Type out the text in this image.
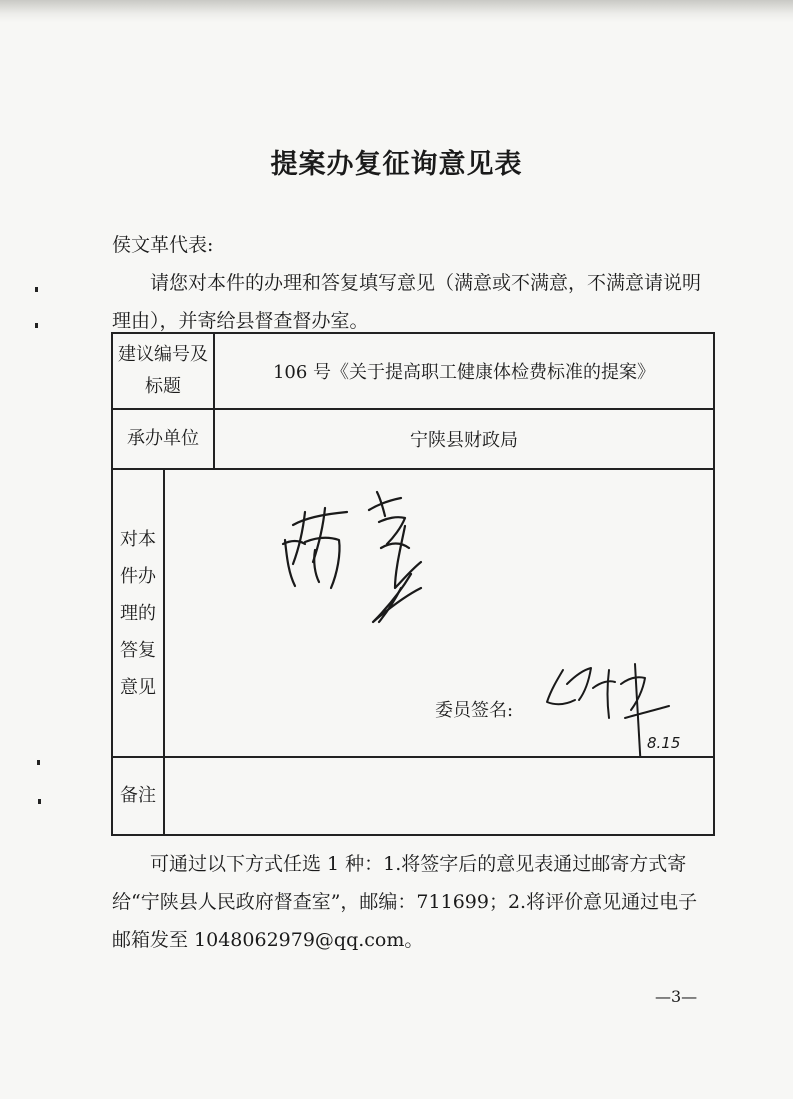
提案办复征询意见表
侯文革代表:
请您对本件的办理和答复填写意见（满意或不满意，不满意请说明理由），并寄给县督查督办室。
建议编号及标题		106 号《关于提高职工健康体检费标准的提案》
承办单位		宁陕县财政局
对本件办理的答复意见	委员签名:
8.15	

备注		
可通过以下方式任选 1 种：1.将签字后的意见表通过邮寄方式寄给“宁陕县人民政府督查室”，邮编：711699；2.将评价意见通过电子邮箱发至 1048062979@qq.com。
—3—
